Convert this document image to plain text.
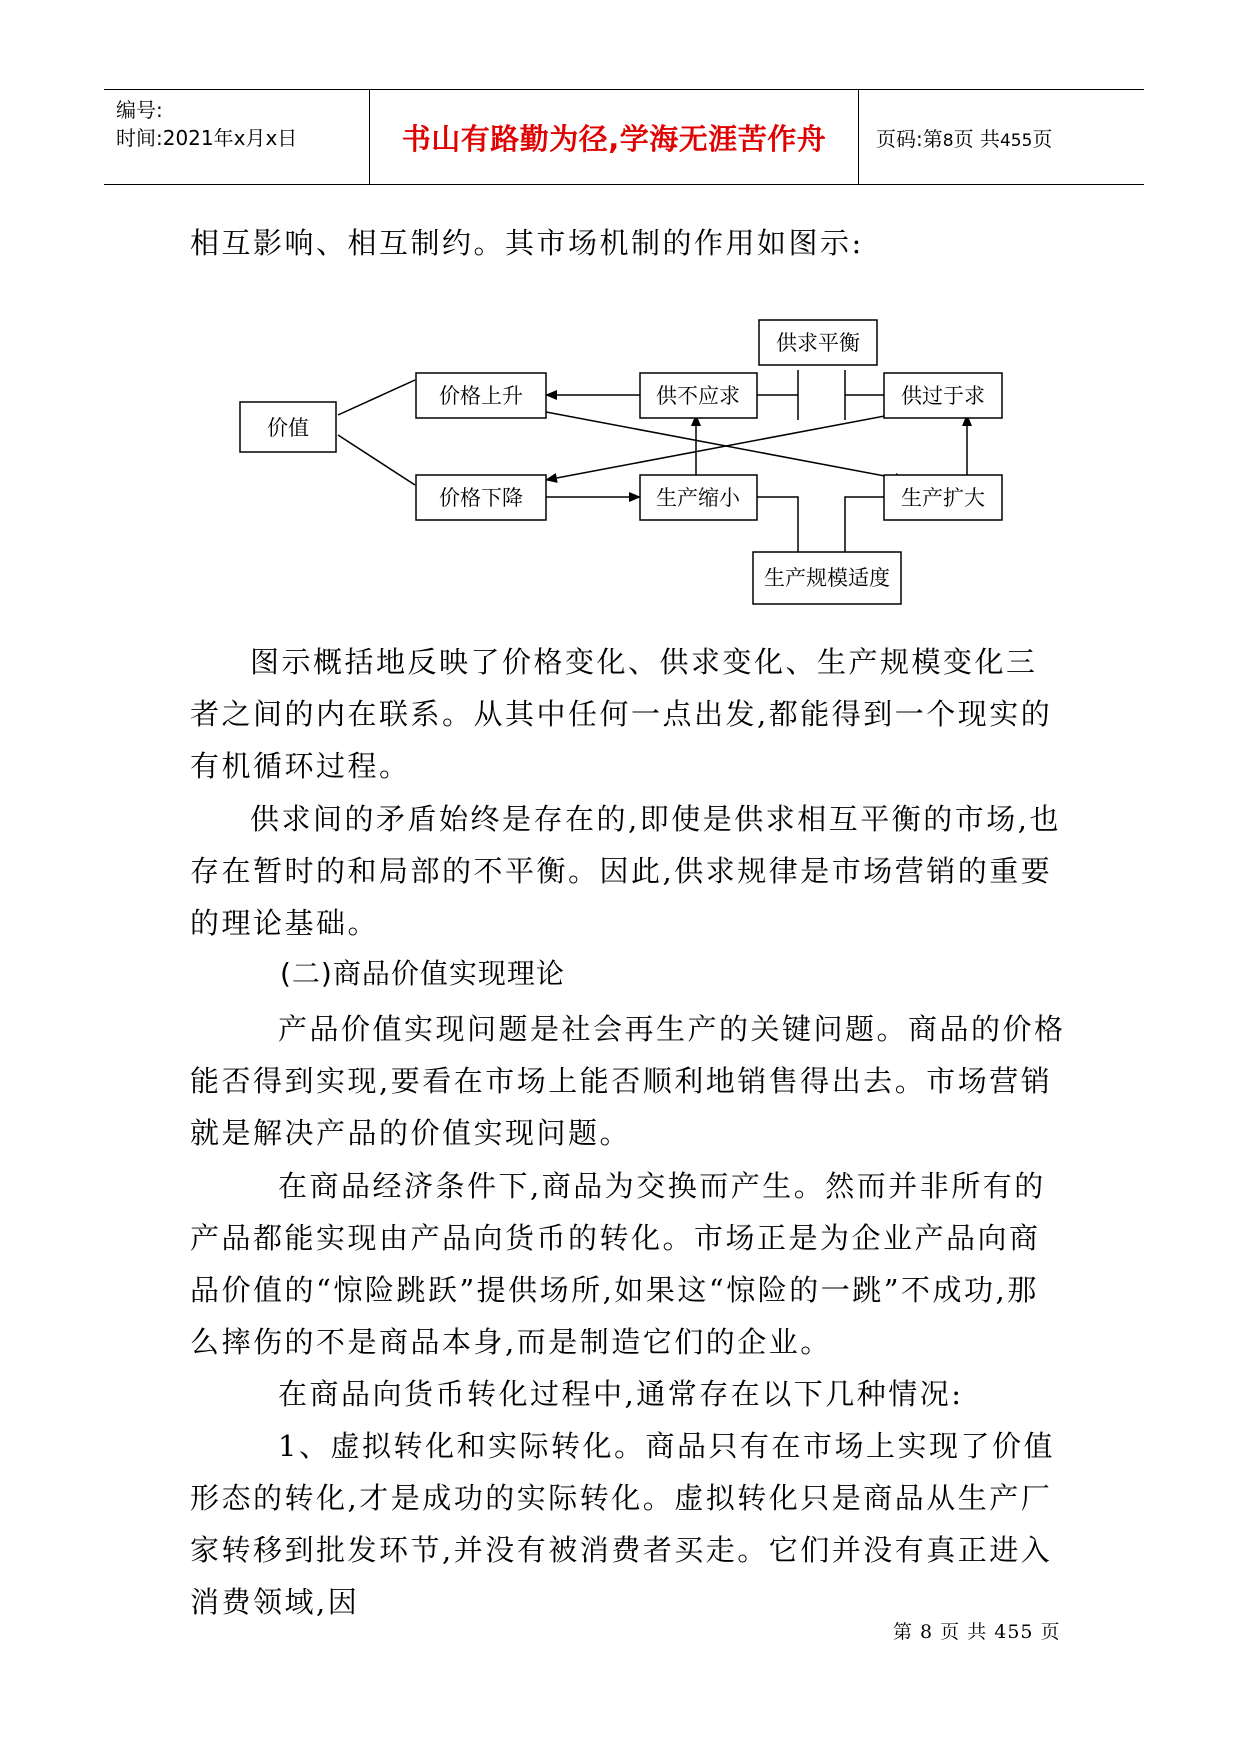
编号:
时间:2021年x月x日	书山有路勤为径,学海无涯苦作舟	页码:第8页 共455页

相互影响、相互制约。其市场机制的作用如图示:

价值
价格上升
价格下降
供不应求
供求平衡
供过于求
生产缩小	生产扩大
生产规模适度

图示概括地反映了价格变化、供求变化、生产规模变化三者之间的内在联系。从其中任何一点出发,都能得到一个现实的有机循环过程。

供求间的矛盾始终是存在的,即使是供求相互平衡的市场,也存在暂时的和局部的不平衡。因此,供求规律是市场营销的重要的理论基础。

(二)商品价值实现理论

产品价值实现问题是社会再生产的关键问题。商品的价格能否得到实现,要看在市场上能否顺利地销售得出去。市场营销就是解决产品的价值实现问题。

在商品经济条件下,商品为交换而产生。然而并非所有的产品都能实现由产品向货币的转化。市场正是为企业产品向商品价值的“惊险跳跃”提供场所,如果这“惊险的一跳”不成功,那么摔伤的不是商品本身,而是制造它们的企业。

在商品向货币转化过程中,通常存在以下几种情况:

1、虚拟转化和实际转化。商品只有在市场上实现了价值形态的转化,才是成功的实际转化。虚拟转化只是商品从生产厂家转移到批发环节,并没有被消费者买走。它们并没有真正进入消费领域,因

第 8 页 共 455 页
